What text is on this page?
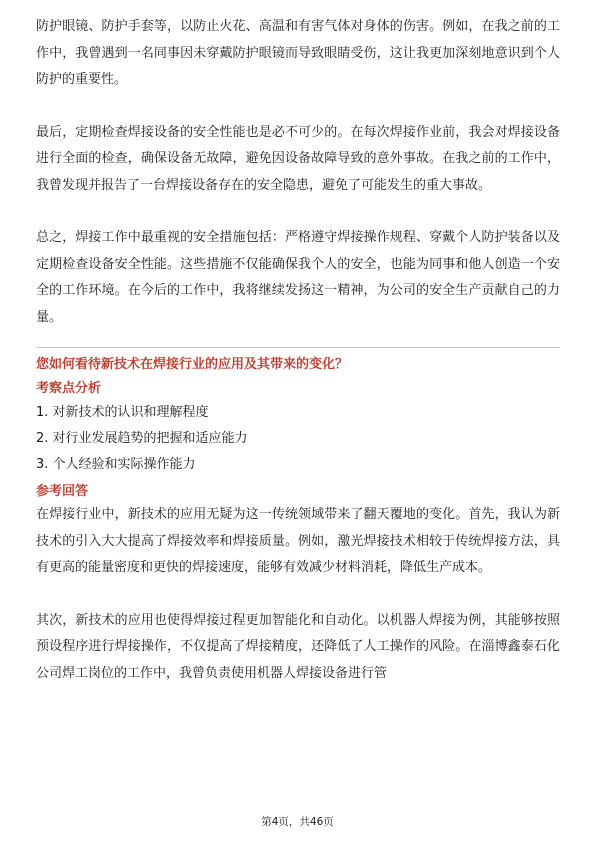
防护眼镜、防护手套等，以防止火花、高温和有害气体对身体的伤害。例如，在我之前的工作中，我曾遇到一名同事因未穿戴防护眼镜而导致眼睛受伤，这让我更加深刻地意识到个人防护的重要性。

最后，定期检查焊接设备的安全性能也是必不可少的。在每次焊接作业前，我会对焊接设备进行全面的检查，确保设备无故障，避免因设备故障导致的意外事故。在我之前的工作中，我曾发现并报告了一台焊接设备存在的安全隐患，避免了可能发生的重大事故。

总之，焊接工作中最重视的安全措施包括：严格遵守焊接操作规程、穿戴个人防护装备以及定期检查设备安全性能。这些措施不仅能确保我个人的安全，也能为同事和他人创造一个安全的工作环境。在今后的工作中，我将继续发扬这一精神，为公司的安全生产贡献自己的力量。

您如何看待新技术在焊接行业的应用及其带来的变化？

考察点分析

1. 对新技术的认识和理解程度
2. 对行业发展趋势的把握和适应能力
3. 个人经验和实际操作能力

参考回答

在焊接行业中，新技术的应用无疑为这一传统领域带来了翻天覆地的变化。首先，我认为新技术的引入大大提高了焊接效率和焊接质量。例如，激光焊接技术相较于传统焊接方法，具有更高的能量密度和更快的焊接速度，能够有效减少材料消耗，降低生产成本。

其次，新技术的应用也使得焊接过程更加智能化和自动化。以机器人焊接为例，其能够按照预设程序进行焊接操作，不仅提高了焊接精度，还降低了人工操作的风险。在淄博鑫泰石化公司焊工岗位的工作中，我曾负责使用机器人焊接设备进行管

第4页，共46页
